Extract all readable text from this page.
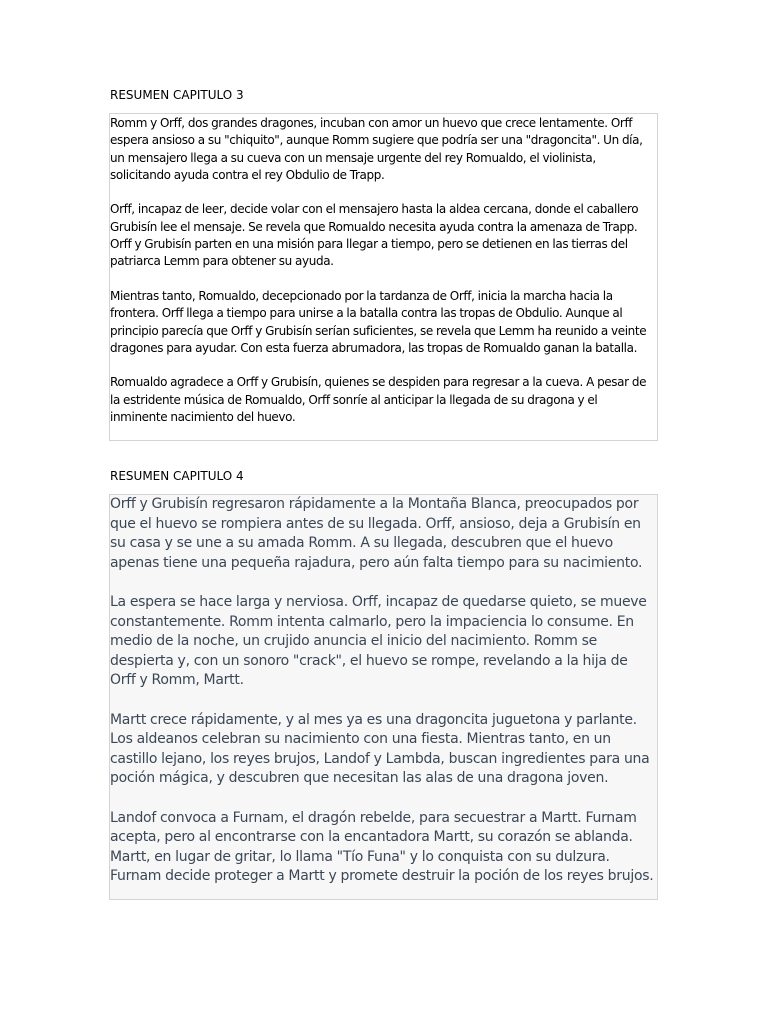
RESUMEN CAPITULO 3

Romm y Orff, dos grandes dragones, incuban con amor un huevo que crece lentamente. Orff espera ansioso a su "chiquito", aunque Romm sugiere que podría ser una "dragoncita". Un día, un mensajero llega a su cueva con un mensaje urgente del rey Romualdo, el violinista, solicitando ayuda contra el rey Obdulio de Trapp.

Orff, incapaz de leer, decide volar con el mensajero hasta la aldea cercana, donde el caballero Grubisín lee el mensaje. Se revela que Romualdo necesita ayuda contra la amenaza de Trapp. Orff y Grubisín parten en una misión para llegar a tiempo, pero se detienen en las tierras del patriarca Lemm para obtener su ayuda.

Mientras tanto, Romualdo, decepcionado por la tardanza de Orff, inicia la marcha hacia la frontera. Orff llega a tiempo para unirse a la batalla contra las tropas de Obdulio. Aunque al principio parecía que Orff y Grubisín serían suficientes, se revela que Lemm ha reunido a veinte dragones para ayudar. Con esta fuerza abrumadora, las tropas de Romualdo ganan la batalla.

Romualdo agradece a Orff y Grubisín, quienes se despiden para regresar a la cueva. A pesar de la estridente música de Romualdo, Orff sonríe al anticipar la llegada de su dragona y el inminente nacimiento del huevo.

RESUMEN CAPITULO 4

Orff y Grubisín regresaron rápidamente a la Montaña Blanca, preocupados por que el huevo se rompiera antes de su llegada. Orff, ansioso, deja a Grubisín en su casa y se une a su amada Romm. A su llegada, descubren que el huevo apenas tiene una pequeña rajadura, pero aún falta tiempo para su nacimiento.

La espera se hace larga y nerviosa. Orff, incapaz de quedarse quieto, se mueve constantemente. Romm intenta calmarlo, pero la impaciencia lo consume. En medio de la noche, un crujido anuncia el inicio del nacimiento. Romm se despierta y, con un sonoro "crack", el huevo se rompe, revelando a la hija de Orff y Romm, Martt.

Martt crece rápidamente, y al mes ya es una dragoncita juguetona y parlante. Los aldeanos celebran su nacimiento con una fiesta. Mientras tanto, en un castillo lejano, los reyes brujos, Landof y Lambda, buscan ingredientes para una poción mágica, y descubren que necesitan las alas de una dragona joven.

Landof convoca a Furnam, el dragón rebelde, para secuestrar a Martt. Furnam acepta, pero al encontrarse con la encantadora Martt, su corazón se ablanda. Martt, en lugar de gritar, lo llama "Tío Funa" y lo conquista con su dulzura. Furnam decide proteger a Martt y promete destruir la poción de los reyes brujos.
